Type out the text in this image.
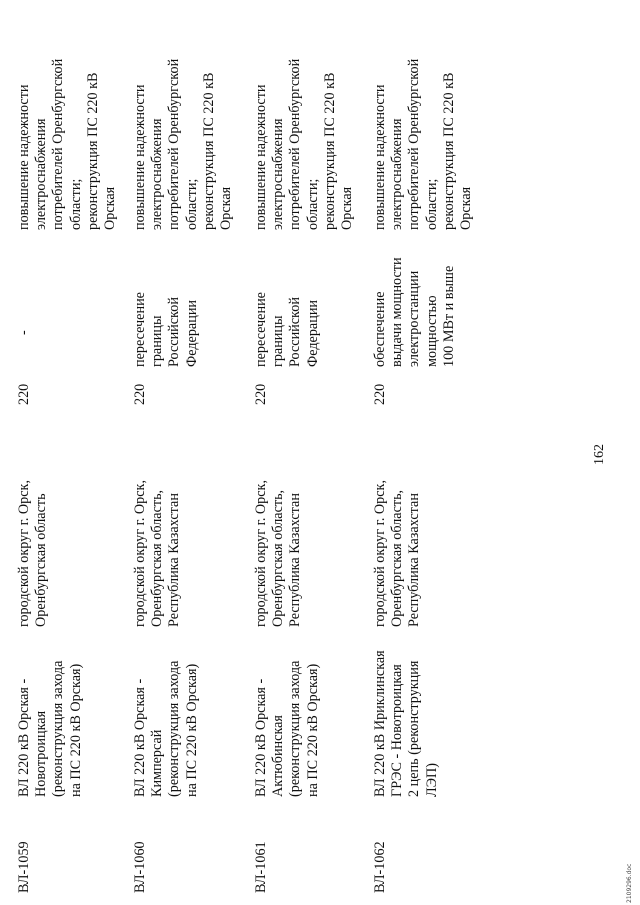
ВЛ-1059
ВЛ 220 кВ Орская - Новотроицкая (реконструкция захода на ПС 220 кВ Орская)
городской округ г. Орск, Оренбургская область
220
-
повышение надежности электроснабжения потребителей Оренбургской области; реконструкция ПС 220 кВ Орская
ВЛ-1060
ВЛ 220 кВ Орская - Кимперсай (реконструкция захода на ПС 220 кВ Орская)
городской округ г. Орск, Оренбургская область, Республика Казахстан
220
пересечение границы Российской Федерации
повышение надежности электроснабжения потребителей Оренбургской области; реконструкция ПС 220 кВ Орская
ВЛ-1061
ВЛ 220 кВ Орская - Актюбинская (реконструкция захода на ПС 220 кВ Орская)
городской округ г. Орск, Оренбургская область, Республика Казахстан
220
пересечение границы Российской Федерации
повышение надежности электроснабжения потребителей Оренбургской области; реконструкция ПС 220 кВ Орская
ВЛ-1062
ВЛ 220 кВ Ириклинская ГРЭС - Новотроицкая 2 цепь (реконструкция ЛЭП)
городской округ г. Орск, Оренбургская область, Республика Казахстан
220
обеспечение выдачи мощности электростанции мощностью 100 МВт и выше
повышение надежности электроснабжения потребителей Оренбургской области; реконструкция ПС 220 кВ Орская
162
2109296.doc
